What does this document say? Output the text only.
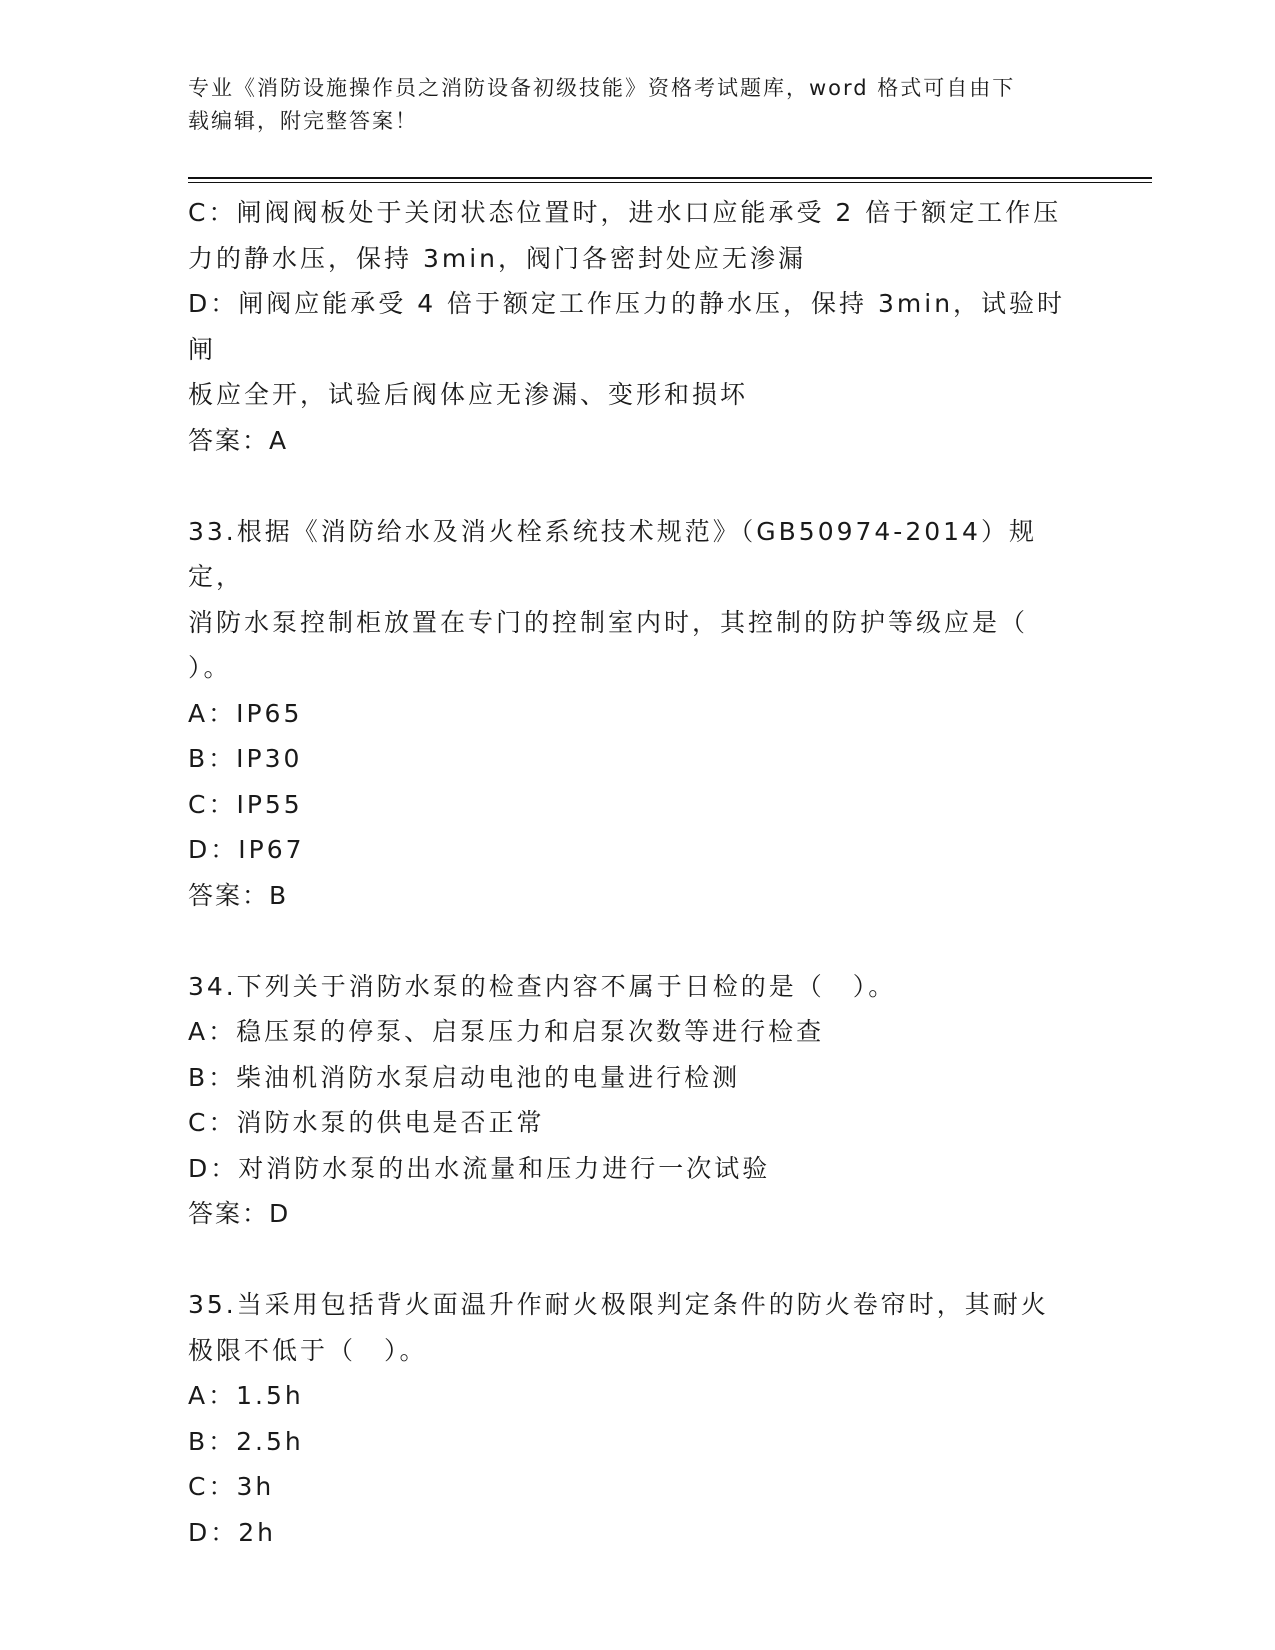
专业《消防设施操作员之消防设备初级技能》资格考试题库，word 格式可自由下
载编辑，附完整答案！
C：闸阀阀板处于关闭状态位置时，进水口应能承受 2 倍于额定工作压
力的静水压，保持 3min，阀门各密封处应无渗漏
D：闸阀应能承受 4 倍于额定工作压力的静水压，保持 3min，试验时闸
板应全开，试验后阀体应无渗漏、变形和损坏
答案：A
33.根据《消防给水及消火栓系统技术规范》（GB50974-2014）规定，
消防水泵控制柜放置在专门的控制室内时，其控制的防护等级应是（
）。
A：IP65
B：IP30
C：IP55
D：IP67
答案：B
34.下列关于消防水泵的检查内容不属于日检的是（　）。
A：稳压泵的停泵、启泵压力和启泵次数等进行检查
B：柴油机消防水泵启动电池的电量进行检测
C：消防水泵的供电是否正常
D：对消防水泵的出水流量和压力进行一次试验
答案：D
35.当采用包括背火面温升作耐火极限判定条件的防火卷帘时，其耐火
极限不低于（　）。
A：1.5h
B：2.5h
C：3h
D：2h
